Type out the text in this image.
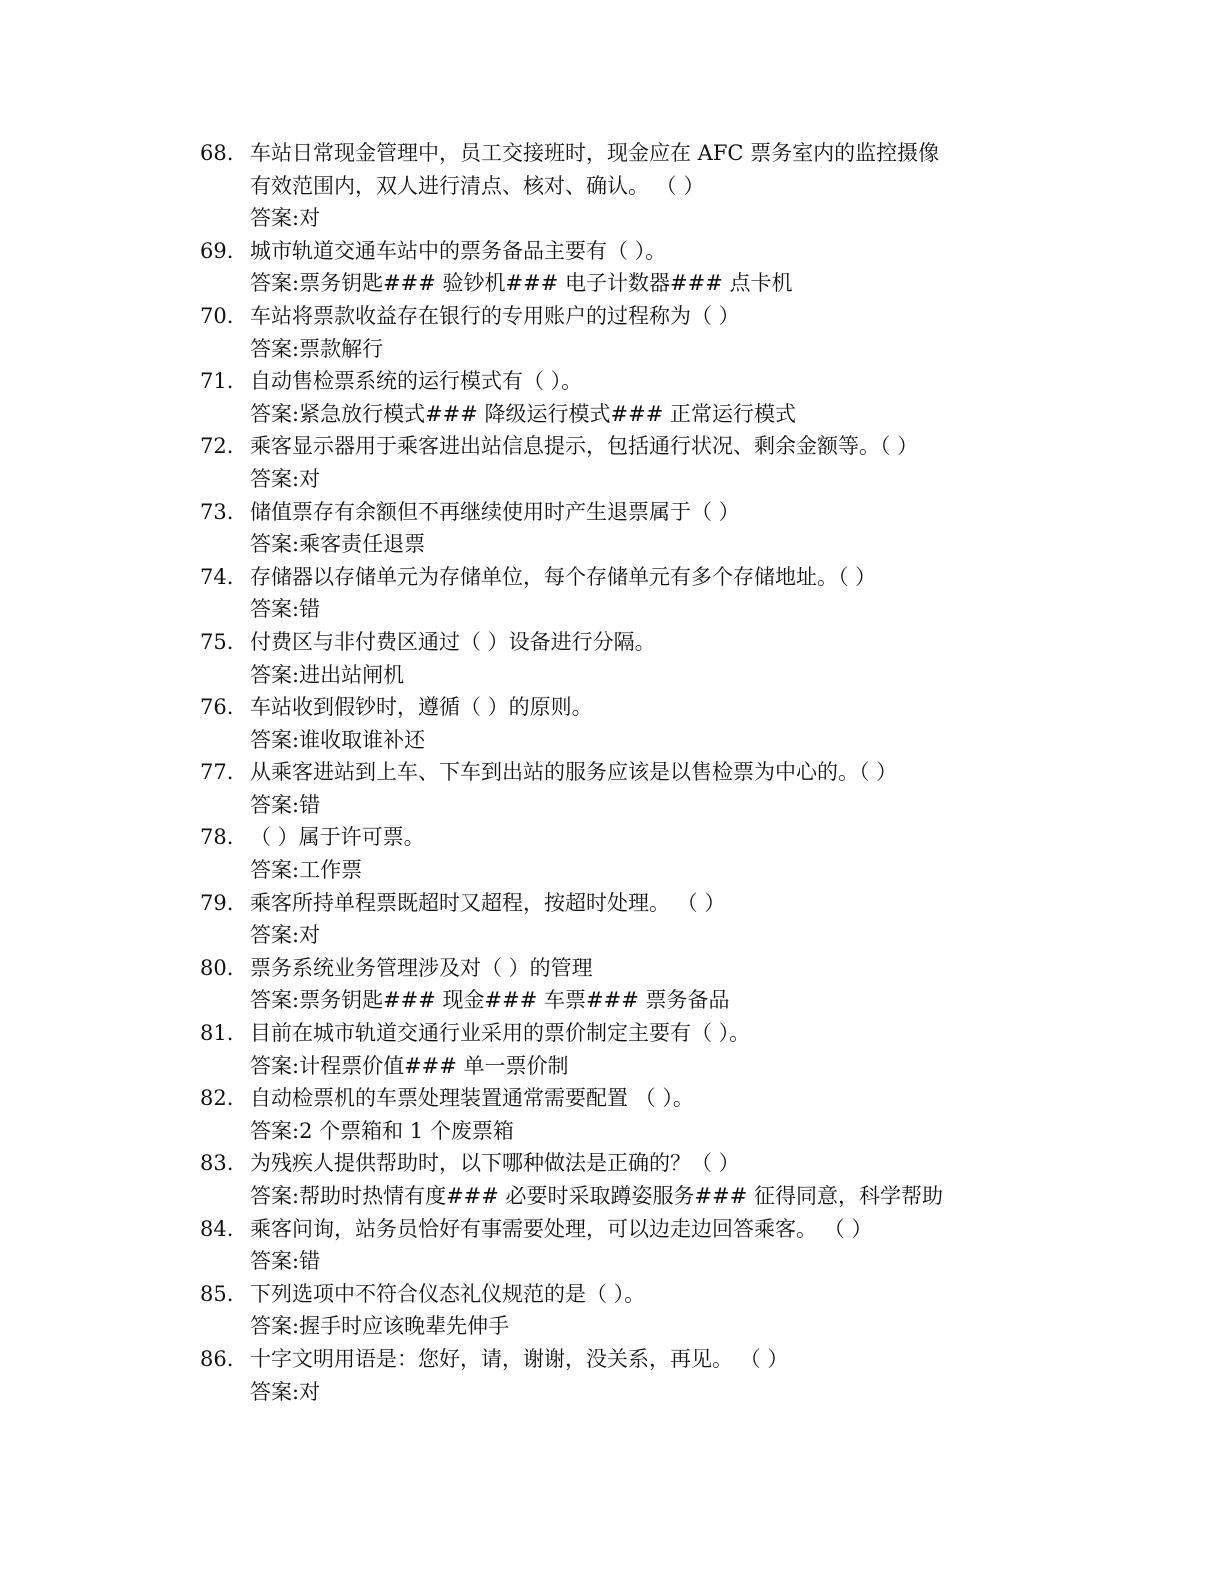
68. 车站日常现金管理中，员工交接班时，现金应在 AFC 票务室内的监控摄像
有效范围内，双人进行清点、核对、确认。 （ ）
答案:对
69. 城市轨道交通车站中的票务备品主要有（ ）。
答案:票务钥匙### 验钞机### 电子计数器### 点卡机
70. 车站将票款收益存在银行的专用账户的过程称为（ ）
答案:票款解行
71. 自动售检票系统的运行模式有（ ）。
答案:紧急放行模式### 降级运行模式### 正常运行模式
72. 乘客显示器用于乘客进出站信息提示，包括通行状况、剩余金额等。（ ）
答案:对
73. 储值票存有余额但不再继续使用时产生退票属于（ ）
答案:乘客责任退票
74. 存储器以存储单元为存储单位，每个存储单元有多个存储地址。（ ）
答案:错
75. 付费区与非付费区通过（ ）设备进行分隔。
答案:进出站闸机
76. 车站收到假钞时，遵循（ ）的原则。
答案:谁收取谁补还
77. 从乘客进站到上车、下车到出站的服务应该是以售检票为中心的。（ ）
答案:错
78. （ ）属于许可票。
答案:工作票
79. 乘客所持单程票既超时又超程，按超时处理。 （ ）
答案:对
80. 票务系统业务管理涉及对（ ）的管理
答案:票务钥匙### 现金### 车票### 票务备品
81. 目前在城市轨道交通行业采用的票价制定主要有（ ）。
答案:计程票价值### 单一票价制
82. 自动检票机的车票处理装置通常需要配置 （ ）。
答案:2 个票箱和 1 个废票箱
83. 为残疾人提供帮助时，以下哪种做法是正确的？（ ）
答案:帮助时热情有度### 必要时采取蹲姿服务### 征得同意，科学帮助
84. 乘客问询，站务员恰好有事需要处理，可以边走边回答乘客。 （ ）
答案:错
85. 下列选项中不符合仪态礼仪规范的是（ ）。
答案:握手时应该晚辈先伸手
86. 十字文明用语是：您好，请，谢谢，没关系，再见。 （ ）
答案:对
